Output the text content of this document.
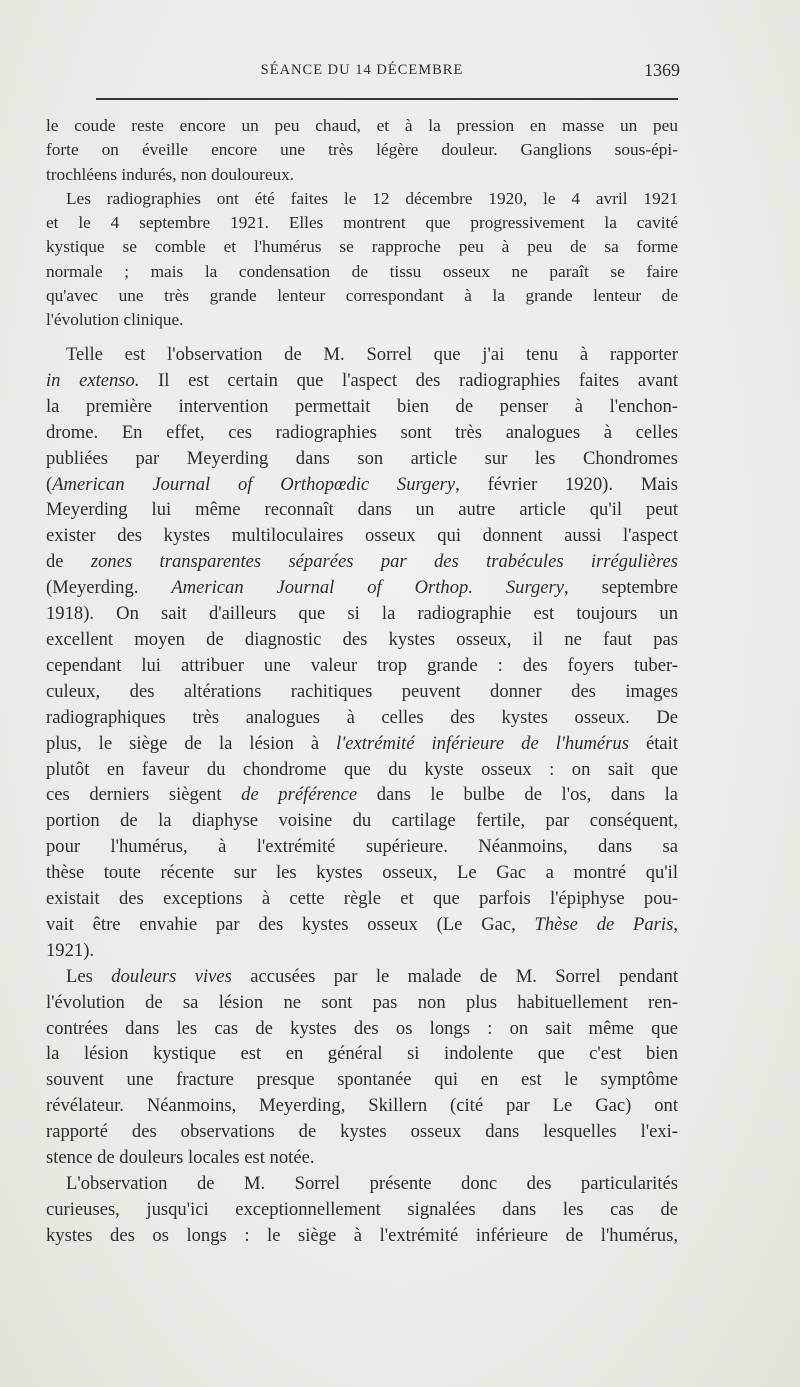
SÉANCE DU 14 DÉCEMBRE	1369
le coude reste encore un peu chaud, et à la pression en masse un peu
forte on éveille encore une très légère douleur. Ganglions sous-épi-
trochléens indurés, non douloureux.
Les radiographies ont été faites le 12 décembre 1920, le 4 avril 1921
et le 4 septembre 1921. Elles montrent que progressivement la cavité
kystique se comble et l'humérus se rapproche peu à peu de sa forme
normale ; mais la condensation de tissu osseux ne paraît se faire
qu'avec une très grande lenteur correspondant à la grande lenteur de
l'évolution clinique.
Telle est l'observation de M. Sorrel que j'ai tenu à rapporter
in extenso. Il est certain que l'aspect des radiographies faites avant
la première intervention permettait bien de penser à l'enchon-
drome. En effet, ces radiographies sont très analogues à celles
publiées par Meyerding dans son article sur les Chondromes
(American Journal of Orthopœdic Surgery, février 1920). Mais
Meyerding lui même reconnaît dans un autre article qu'il peut
exister des kystes multiloculaires osseux qui donnent aussi l'aspect
de zones transparentes séparées par des trabécules irrégulières
(Meyerding. American Journal of Orthop. Surgery, septembre
1918). On sait d'ailleurs que si la radiographie est toujours un
excellent moyen de diagnostic des kystes osseux, il ne faut pas
cependant lui attribuer une valeur trop grande : des foyers tuber-
culeux, des altérations rachitiques peuvent donner des images
radiographiques très analogues à celles des kystes osseux. De
plus, le siège de la lésion à l'extrémité inférieure de l'humérus était
plutôt en faveur du chondrome que du kyste osseux : on sait que
ces derniers siègent de préférence dans le bulbe de l'os, dans la
portion de la diaphyse voisine du cartilage fertile, par conséquent,
pour l'humérus, à l'extrémité supérieure. Néanmoins, dans sa
thèse toute récente sur les kystes osseux, Le Gac a montré qu'il
existait des exceptions à cette règle et que parfois l'épiphyse pou-
vait être envahie par des kystes osseux (Le Gac, Thèse de Paris,
1921).
Les douleurs vives accusées par le malade de M. Sorrel pendant
l'évolution de sa lésion ne sont pas non plus habituellement ren-
contrées dans les cas de kystes des os longs : on sait même que
la lésion kystique est en général si indolente que c'est bien
souvent une fracture presque spontanée qui en est le symptôme
révélateur. Néanmoins, Meyerding, Skillern (cité par Le Gac) ont
rapporté des observations de kystes osseux dans lesquelles l'exi-
stence de douleurs locales est notée.
L'observation de M. Sorrel présente donc des particularités
curieuses, jusqu'ici exceptionnellement signalées dans les cas de
kystes des os longs : le siège à l'extrémité inférieure de l'humérus,
